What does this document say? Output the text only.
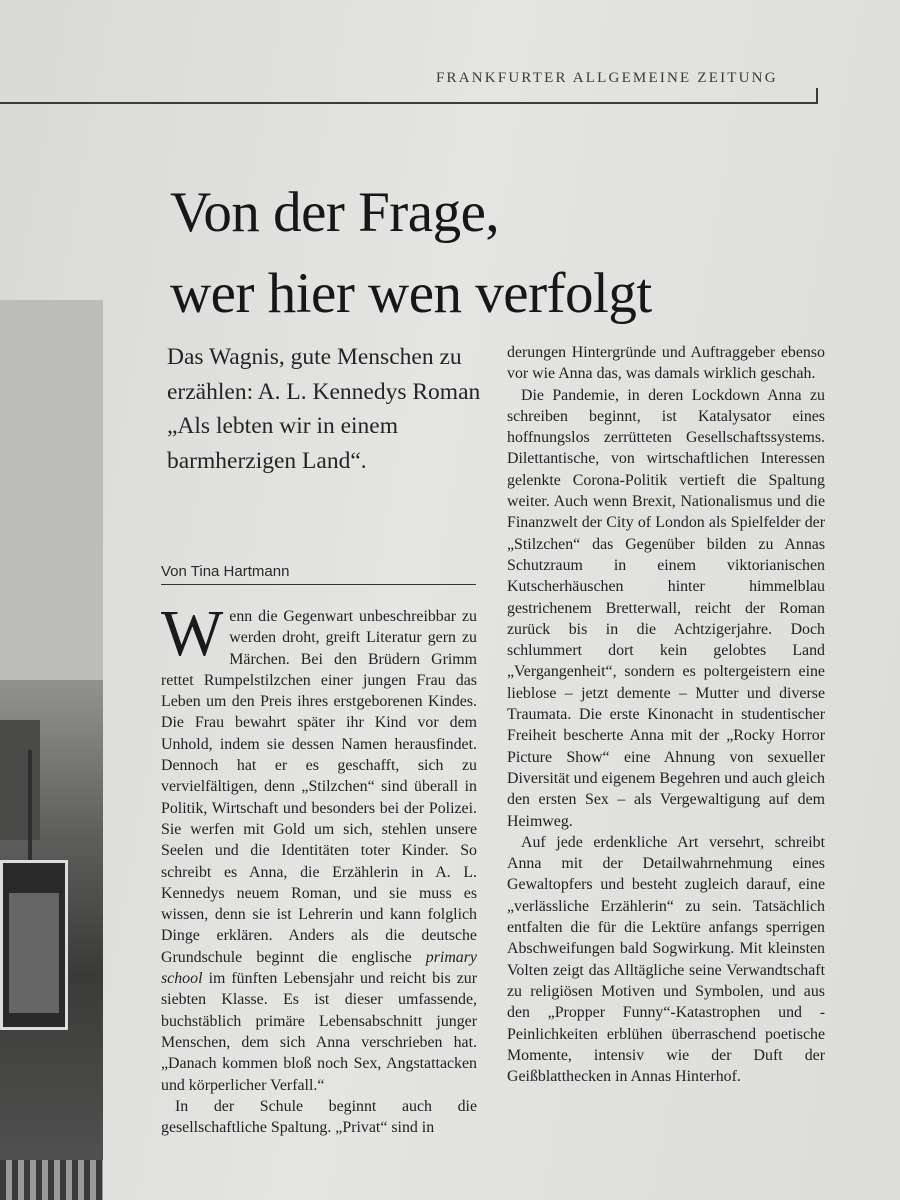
FRANKFURTER ALLGEMEINE ZEITUNG
Von der Frage,
wer hier wen verfolgt
Das Wagnis, gute Menschen zu erzählen: A. L. Kennedys Roman „Als lebten wir in einem barmherzigen Land“.
Von Tina Hartmann

Wenn die Gegenwart unbeschreibbar zu werden droht, greift Literatur gern zu Märchen. Bei den Brüdern Grimm rettet Rumpelstilzchen einer jungen Frau das Leben um den Preis ihres erstgeborenen Kindes. Die Frau bewahrt später ihr Kind vor dem Unhold, indem sie dessen Namen herausfindet. Dennoch hat er es geschafft, sich zu vervielfältigen, denn „Stilzchen“ sind überall in Politik, Wirtschaft und besonders bei der Polizei. Sie werfen mit Gold um sich, stehlen unsere Seelen und die Identitäten toter Kinder. So schreibt es Anna, die Erzählerin in A. L. Kennedys neuem Roman, und sie muss es wissen, denn sie ist Lehrerin und kann folglich Dinge erklären. Anders als die deutsche Grundschule beginnt die englische primary school im fünften Lebensjahr und reicht bis zur siebten Klasse. Es ist dieser umfassende, buchstäblich primäre Lebensabschnitt junger Menschen, dem sich Anna verschrieben hat. „Danach kommen bloß noch Sex, Angstattacken und körperlicher Verfall.“

In der Schule beginnt auch die gesellschaftliche Spaltung. „Privat“ sind in

derungen Hintergründe und Auftraggeber ebenso vor wie Anna das, was damals wirklich geschah.

Die Pandemie, in deren Lockdown Anna zu schreiben beginnt, ist Katalysator eines hoffnungslos zerrütteten Gesellschaftssystems. Dilettantische, von wirtschaftlichen Interessen gelenkte Corona-Politik vertieft die Spaltung weiter. Auch wenn Brexit, Nationalismus und die Finanzwelt der City of London als Spielfelder der „Stilzchen“ das Gegenüber bilden zu Annas Schutzraum in einem viktorianischen Kutscherhäuschen hinter himmelblau gestrichenem Bretterwall, reicht der Roman zurück bis in die Achtzigerjahre. Doch schlummert dort kein gelobtes Land „Vergangenheit“, sondern es poltergeistern eine lieblose – jetzt demente – Mutter und diverse Traumata. Die erste Kinonacht in studentischer Freiheit bescherte Anna mit der „Rocky Horror Picture Show“ eine Ahnung von sexueller Diversität und eigenem Begehren und auch gleich den ersten Sex – als Vergewaltigung auf dem Heimweg.

Auf jede erdenkliche Art versehrt, schreibt Anna mit der Detailwahrnehmung eines Gewaltopfers und besteht zugleich darauf, eine „verlässliche Erzählerin“ zu sein. Tatsächlich entfalten die für die Lektüre anfangs sperrigen Abschweifungen bald Sogwirkung. Mit kleinsten Volten zeigt das Alltägliche seine Verwandtschaft zu religiösen Motiven und Symbolen, und aus den „Propper Funny“-Katastrophen und -Peinlichkeiten erblühen überraschend poetische Momente, intensiv wie der Duft der Geißblatthecken in Annas Hinterhof.
